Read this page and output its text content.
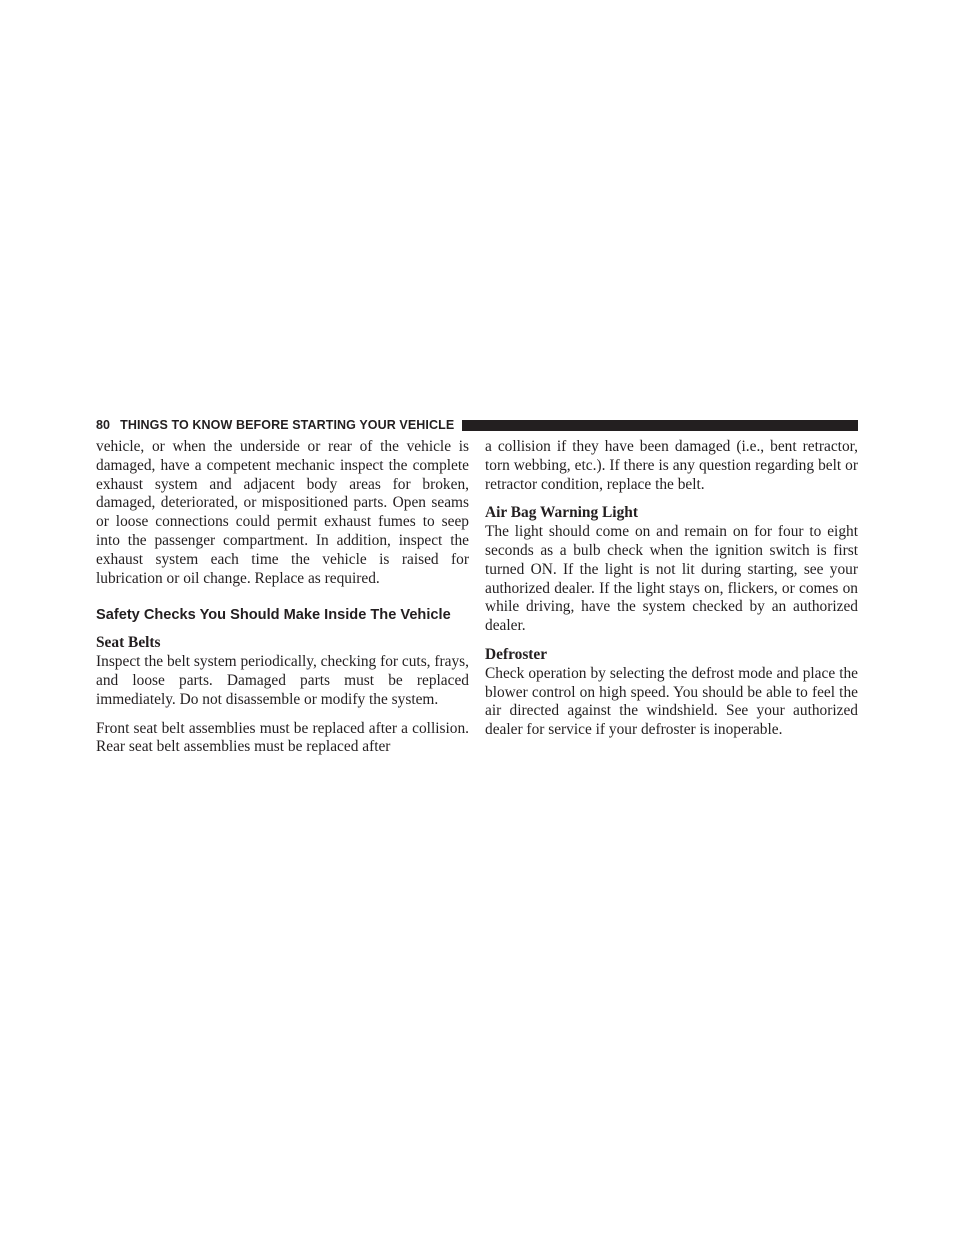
80 THINGS TO KNOW BEFORE STARTING YOUR VEHICLE

vehicle, or when the underside or rear of the vehicle is damaged, have a competent mechanic inspect the complete exhaust system and adjacent body areas for broken, damaged, deteriorated, or mispositioned parts. Open seams or loose connections could permit exhaust fumes to seep into the passenger compartment. In addition, inspect the exhaust system each time the vehicle is raised for lubrication or oil change. Replace as required.

Safety Checks You Should Make Inside The Vehicle
Seat Belts

Inspect the belt system periodically, checking for cuts, frays, and loose parts. Damaged parts must be replaced immediately. Do not disassemble or modify the system.

Front seat belt assemblies must be replaced after a collision. Rear seat belt assemblies must be replaced after

a collision if they have been damaged (i.e., bent retractor, torn webbing, etc.). If there is any question regarding belt or retractor condition, replace the belt.

Air Bag Warning Light

The light should come on and remain on for four to eight seconds as a bulb check when the ignition switch is first turned ON. If the light is not lit during starting, see your authorized dealer. If the light stays on, flickers, or comes on while driving, have the system checked by an authorized dealer.

Defroster

Check operation by selecting the defrost mode and place the blower control on high speed. You should be able to feel the air directed against the windshield. See your authorized dealer for service if your defroster is inoperable.
